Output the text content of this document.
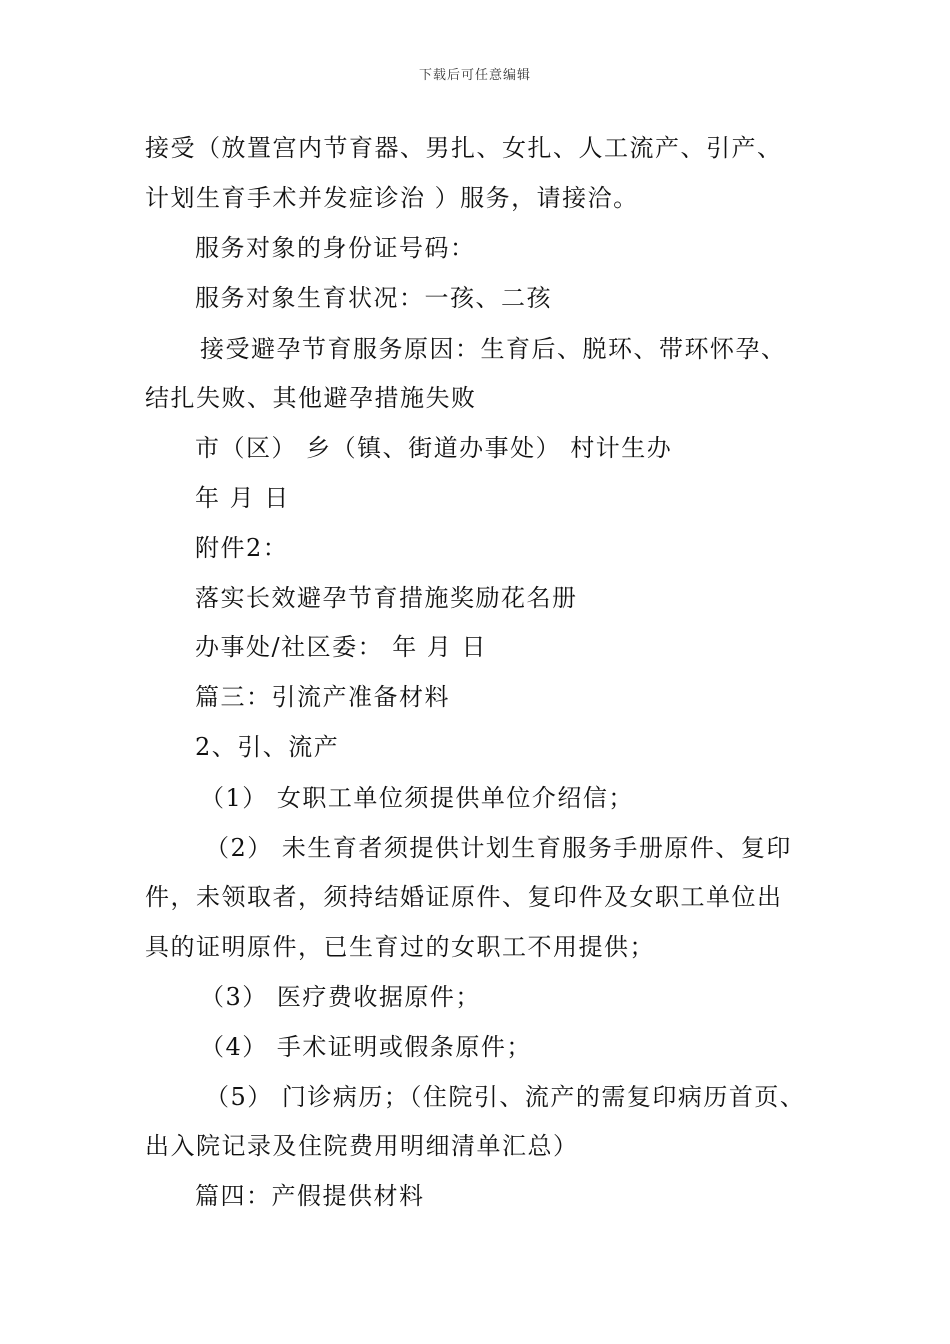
下载后可任意编辑
接受（放置宫内节育器、男扎、女扎、人工流产、引产、
计划生育手术并发症诊治 ）服务，请接洽。
服务对象的身份证号码：
服务对象生育状况：一孩、二孩
接受避孕节育服务原因：生育后、脱环、带环怀孕、
结扎失败、其他避孕措施失败
市（区） 乡（镇、街道办事处） 村计生办
年 月 日
附件2：
落实长效避孕节育措施奖励花名册
办事处/社区委： 年 月 日
篇三：引流产准备材料
2、引、流产
（1） 女职工单位须提供单位介绍信；
（2） 未生育者须提供计划生育服务手册原件、复印
件，未领取者，须持结婚证原件、复印件及女职工单位出
具的证明原件，已生育过的女职工不用提供；
（3） 医疗费收据原件；
（4） 手术证明或假条原件；
（5） 门诊病历；（住院引、流产的需复印病历首页、
出入院记录及住院费用明细清单汇总）
篇四：产假提供材料
